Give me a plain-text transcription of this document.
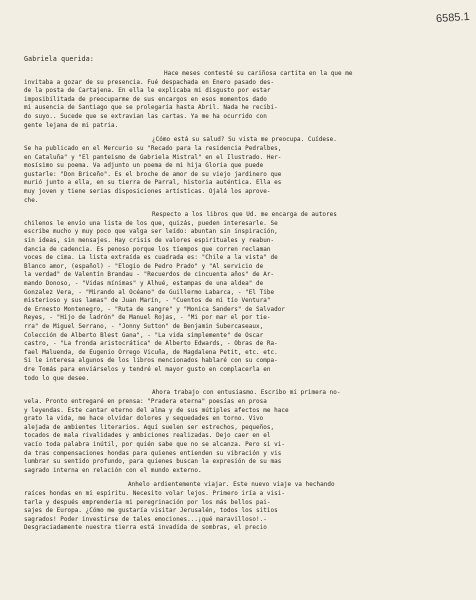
6585.1
Gabriela querida:
Hace meses contesté su cariñosa cartita en la que me
invitaba a gozar de su presencia. Fué despachada en Enero pasado des-
de la posta de Cartajena. En ella le explicaba mi disgusto por estar
imposibilitada de preocuparme de sus encargos en esos momentos dado
mi ausencia de Santiago que se prolegaría hasta Abril. Nada he recibi-
do suyo.. Sucede que se extravian las cartas. Ya me ha ocurrido con
gente lejana de mi patria.
¿Cómo está su salud? Su vista me preocupa. Cuídese.
Se ha publicado en el Mercurio su "Recado para la residencia Pedralbes,
en Cataluña" y "El panteismo de Gabriela Mistral" en el Ilustrado. Her-
mosísimo su poema. Va adjunto un poema de mi hija Gloria que puede
gustarle: "Don Briceño". Es el broche de amor de su viejo jardinero que
murió junto a ella, en su tierra de Parral, historia auténtica. Ella es
muy joven y tiene serias disposiciones artísticas. Ojalá los aprove-
che.
Respecto a los libros que Ud. me encarga de autores
chilenos le envío una lista de los que, quizás, pueden interesarle. Se
escribe mucho y muy poco que valga ser leído: abuntan sin inspiración,
sin ideas, sin mensajes. Hay crisis de valores espirituales y reabun-
dancia de cadencia. Es penoso porque los tiempos que corren reclaman
voces de cima. La lista extraída es cuadrada es: "Chile a la vista" de
Blanco amor, (español) - "Elogio de Pedro Prado" y "Al servicio de
la verdad" de Valentín Brandau - "Recuerdos de cincuenta años" de Ar-
mando Donoso, - "Vidas mínimas" y Alhué, estampas de una aldea" de
Gonzalez Vera, - "Mirando al Océano" de Guillermo Labarca, - "El Tibe
misterioso y sus lamas" de Juan Marín, - "Cuentos de mi tío Ventura"
de Ernesto Montenegro, - "Ruta de sangre" y "Monica Sanders" de Salvador
Reyes, - "Hijo de ladrón" de Manuel Rojas, - "Mi por mar el por tie-
rra" de Miguel Serrano, - "Jonny Sutton" de Benjamin Subercaseaux,
Colección de Alberto Blest Gana", - "La vida simplemente" de Oscar
castro, - "La fronda aristocrática" de Alberto Edwards, - Obras de Ra-
fael Maluenda, de Eugenio Orrego Vicuña, de Magdalena Petit, etc. etc.
Si le interesa algunos de los libros mencionados hablaré con su compa-
dre Tomás para enviárselos y tendré el mayor gusto en complacerla en
todo lo que desee.
Ahora trabajo con entusiasmo. Escribo mi primera no-
vela. Pronto entregaré en prensa: "Pradera eterna" poesías en prosa
y leyendas. Este cantar eterno del alma y de sus mútiples afectos me hace
grato la vida, me hace olvidar dolores y sequedades en torno. Vivo
alejada de ambientes literarios. Aquí suelen ser estrechos, pequeños,
tocados de mala rivalidades y ambiciones realizadas. Dejo caer en el
vacío toda palabra inútil, por quién sabe que no se alcanza. Pero si vi-
da tras compensaciones hondas para quienes entienden su vibración y vis
lumbrar su sentido profundo, para quienes buscan la expresión de su mas
sagrado interna en relación con el mundo externo.
Anhelo ardientemente viajar. Este nuevo viaje va hechando
raíces hondas en mi espíritu. Necesito volar lejos. Primero iría a visi-
tarla y después emprendería mi peregrinación por los más bellos pai-
sajes de Europa. ¿Cómo me gustaría visitar Jerusalén, todos los sitios
sagrados! Poder investirse de tales emociones...¡qué maravilloso!.-
Desgraciadamente nuestra tierra está invadida de sombras, el precio
